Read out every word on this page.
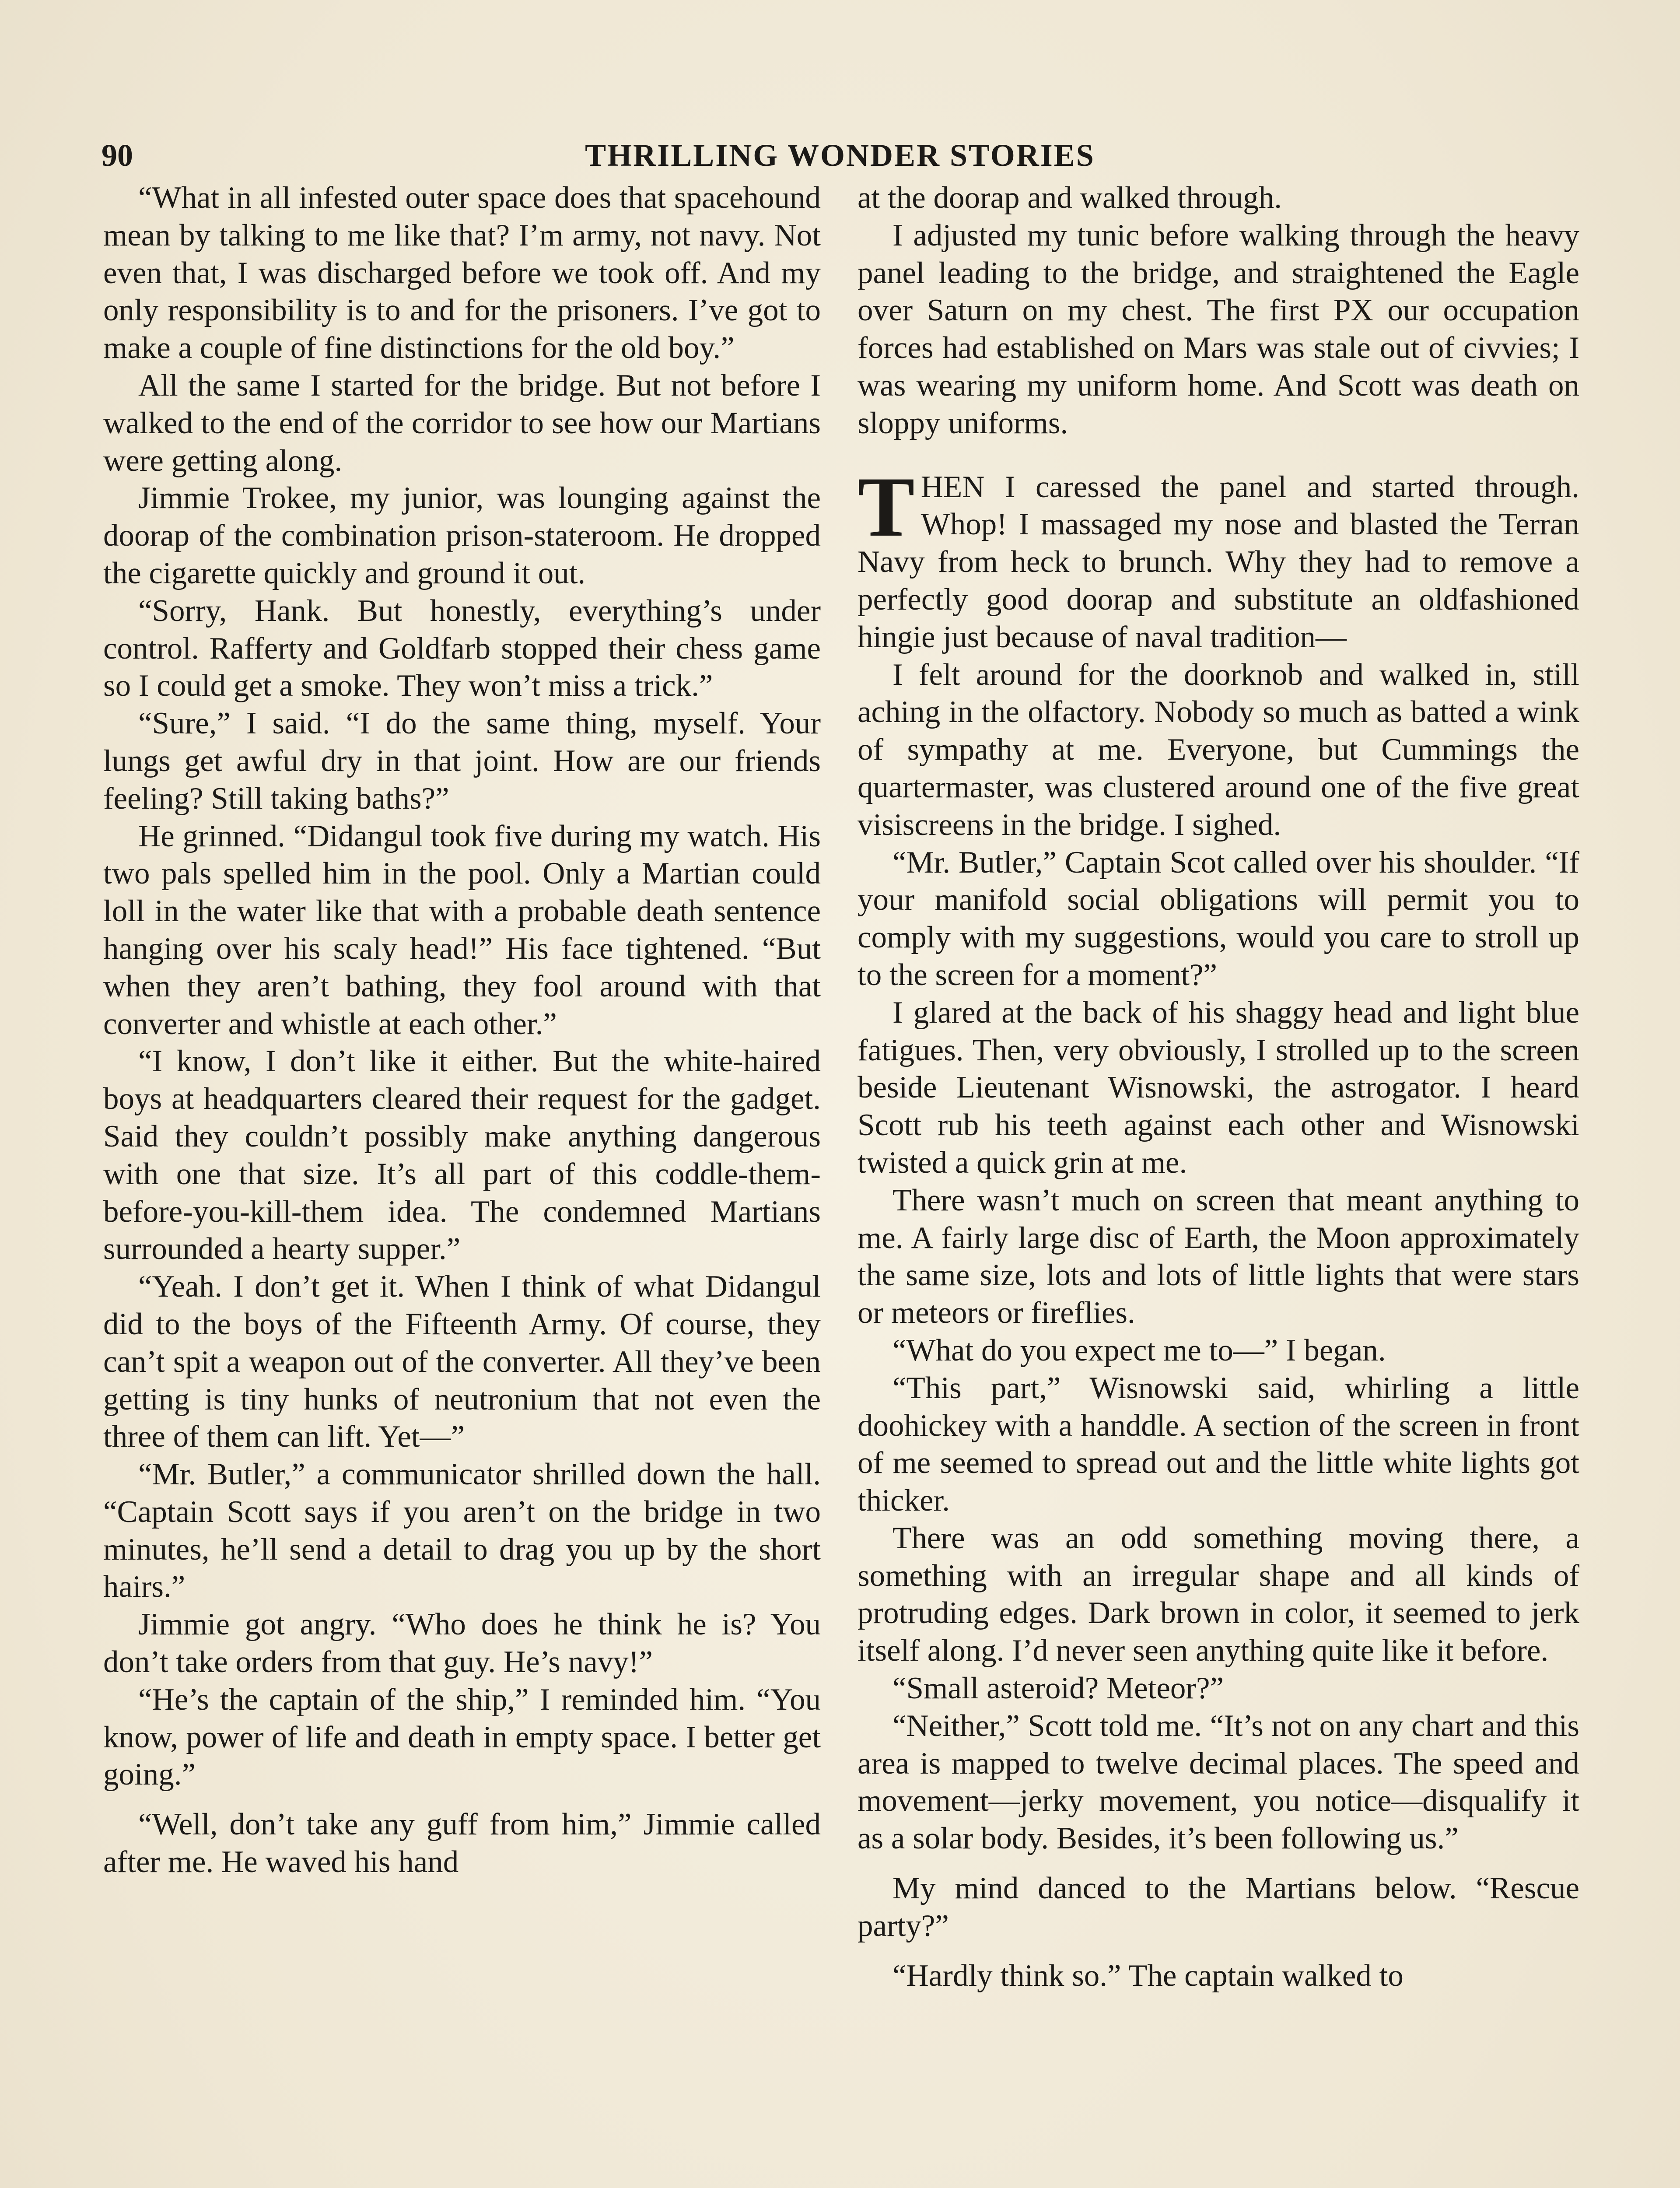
90	THRILLING WONDER STORIES

“What in all infested outer space does that spacehound mean by talking to me like that? I’m army, not navy. Not even that, I was discharged before we took off. And my only responsibility is to and for the prisoners. I’ve got to make a couple of fine distinctions for the old boy.”

All the same I started for the bridge. But not before I walked to the end of the corridor to see how our Martians were getting along.

Jimmie Trokee, my junior, was lounging against the doorap of the combination prison-stateroom. He dropped the cigarette quickly and ground it out.

“Sorry, Hank. But honestly, everything’s under control. Rafferty and Goldfarb stopped their chess game so I could get a smoke. They won’t miss a trick.”

“Sure,” I said. “I do the same thing, myself. Your lungs get awful dry in that joint. How are our friends feeling? Still taking baths?”

He grinned. “Didangul took five during my watch. His two pals spelled him in the pool. Only a Martian could loll in the water like that with a probable death sentence hanging over his scaly head!” His face tightened. “But when they aren’t bathing, they fool around with that converter and whistle at each other.”

“I know, I don’t like it either. But the white-haired boys at headquarters cleared their request for the gadget. Said they couldn’t possibly make anything dangerous with one that size. It’s all part of this coddle-them-before-you-kill-them idea. The condemned Martians surrounded a hearty supper.”

“Yeah. I don’t get it. When I think of what Didangul did to the boys of the Fifteenth Army. Of course, they can’t spit a weapon out of the converter. All they’ve been getting is tiny hunks of neutronium that not even the three of them can lift. Yet—”

“Mr. Butler,” a communicator shrilled down the hall. “Captain Scott says if you aren’t on the bridge in two minutes, he’ll send a detail to drag you up by the short hairs.”

Jimmie got angry. “Who does he think he is? You don’t take orders from that guy. He’s navy!”

“He’s the captain of the ship,” I reminded him. “You know, power of life and death in empty space. I better get going.”

“Well, don’t take any guff from him,” Jimmie called after me. He waved his hand

at the doorap and walked through.

I adjusted my tunic before walking through the heavy panel leading to the bridge, and straightened the Eagle over Saturn on my chest. The first PX our occupation forces had established on Mars was stale out of civvies; I was wearing my uniform home. And Scott was death on sloppy uniforms.

THEN I caressed the panel and started through. Whop! I massaged my nose and blasted the Terran Navy from heck to brunch. Why they had to remove a perfectly good doorap and substitute an oldfashioned hingie just because of naval tradition—

I felt around for the doorknob and walked in, still aching in the olfactory. Nobody so much as batted a wink of sympathy at me. Everyone, but Cummings the quartermaster, was clustered around one of the five great visiscreens in the bridge. I sighed.

“Mr. Butler,” Captain Scot called over his shoulder. “If your manifold social obligations will permit you to comply with my suggestions, would you care to stroll up to the screen for a moment?”

I glared at the back of his shaggy head and light blue fatigues. Then, very obviously, I strolled up to the screen beside Lieutenant Wisnowski, the astrogator. I heard Scott rub his teeth against each other and Wisnowski twisted a quick grin at me.

There wasn’t much on screen that meant anything to me. A fairly large disc of Earth, the Moon approximately the same size, lots and lots of little lights that were stars or meteors or fireflies.

“What do you expect me to—” I began.

“This part,” Wisnowski said, whirling a little doohickey with a handdle. A section of the screen in front of me seemed to spread out and the little white lights got thicker.

There was an odd something moving there, a something with an irregular shape and all kinds of protruding edges. Dark brown in color, it seemed to jerk itself along. I’d never seen anything quite like it before.

“Small asteroid? Meteor?”

“Neither,” Scott told me. “It’s not on any chart and this area is mapped to twelve decimal places. The speed and movement—jerky movement, you notice—disqualify it as a solar body. Besides, it’s been following us.”

My mind danced to the Martians below. “Rescue party?”

“Hardly think so.” The captain walked to
